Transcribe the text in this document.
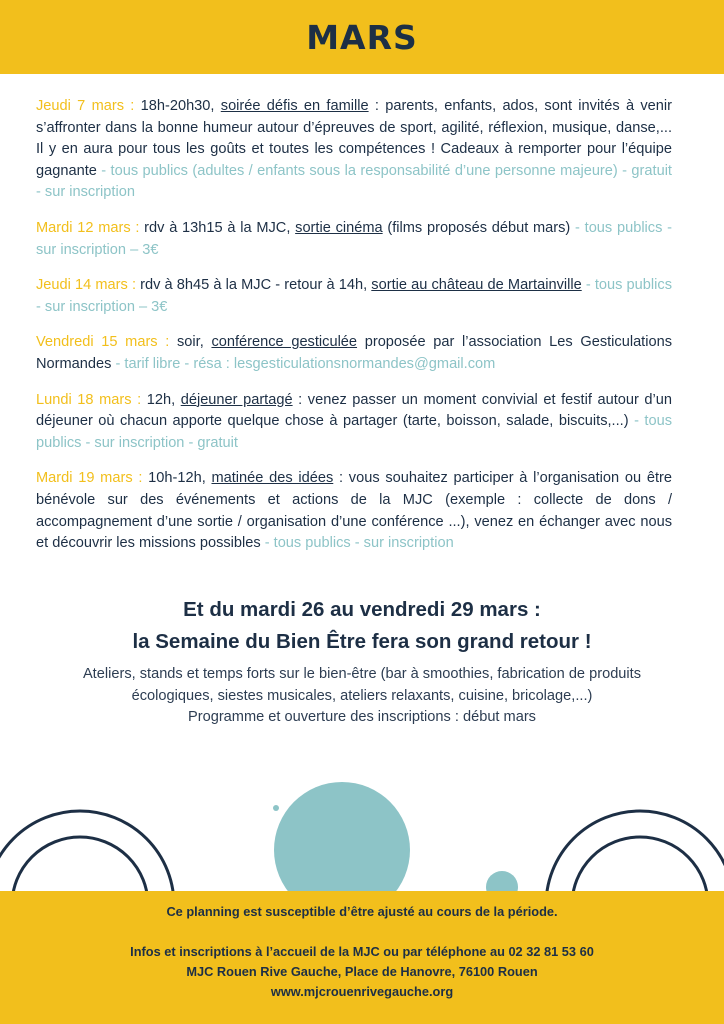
MARS

Jeudi 7 mars : 18h-20h30, soirée défis en famille : parents, enfants, ados, sont invités à venir s’affronter dans la bonne humeur autour d’épreuves de sport, agilité, réflexion, musique, danse,... Il y en aura pour tous les goûts et toutes les compétences ! Cadeaux à remporter pour l’équipe gagnante - tous publics (adultes / enfants sous la responsabilité d’une personne majeure) - gratuit - sur inscription

Mardi 12 mars : rdv à 13h15 à la MJC, sortie cinéma (films proposés début mars) - tous publics - sur inscription – 3€

Jeudi 14 mars : rdv à 8h45 à la MJC - retour à 14h, sortie au château de Martainville - tous publics - sur inscription – 3€

Vendredi 15 mars : soir, conférence gesticulée proposée par l’association Les Gesticulations Normandes - tarif libre - résa : lesgesticulationsnormandes@gmail.com

Lundi 18 mars : 12h, déjeuner partagé : venez passer un moment convivial et festif autour d’un déjeuner où chacun apporte quelque chose à partager (tarte, boisson, salade, biscuits,...) - tous publics - sur inscription - gratuit

Mardi 19 mars : 10h-12h, matinée des idées : vous souhaitez participer à l’organisation ou être bénévole sur des événements et actions de la MJC (exemple : collecte de dons / accompagnement d’une sortie / organisation d’une conférence ...), venez en échanger avec nous et découvrir les missions possibles - tous publics - sur inscription

Et du mardi 26 au vendredi 29 mars :
la Semaine du Bien Être fera son grand retour !

Ateliers, stands et temps forts sur le bien-être (bar à smoothies, fabrication de produits
écologiques, siestes musicales, ateliers relaxants, cuisine, bricolage,...)
Programme et ouverture des inscriptions : début mars

Ce planning est susceptible d’être ajusté au cours de la période.
Infos et inscriptions à l’accueil de la MJC ou par téléphone au 02 32 81 53 60
MJC Rouen Rive Gauche, Place de Hanovre, 76100 Rouen
www.mjcrouenrivegauche.org
